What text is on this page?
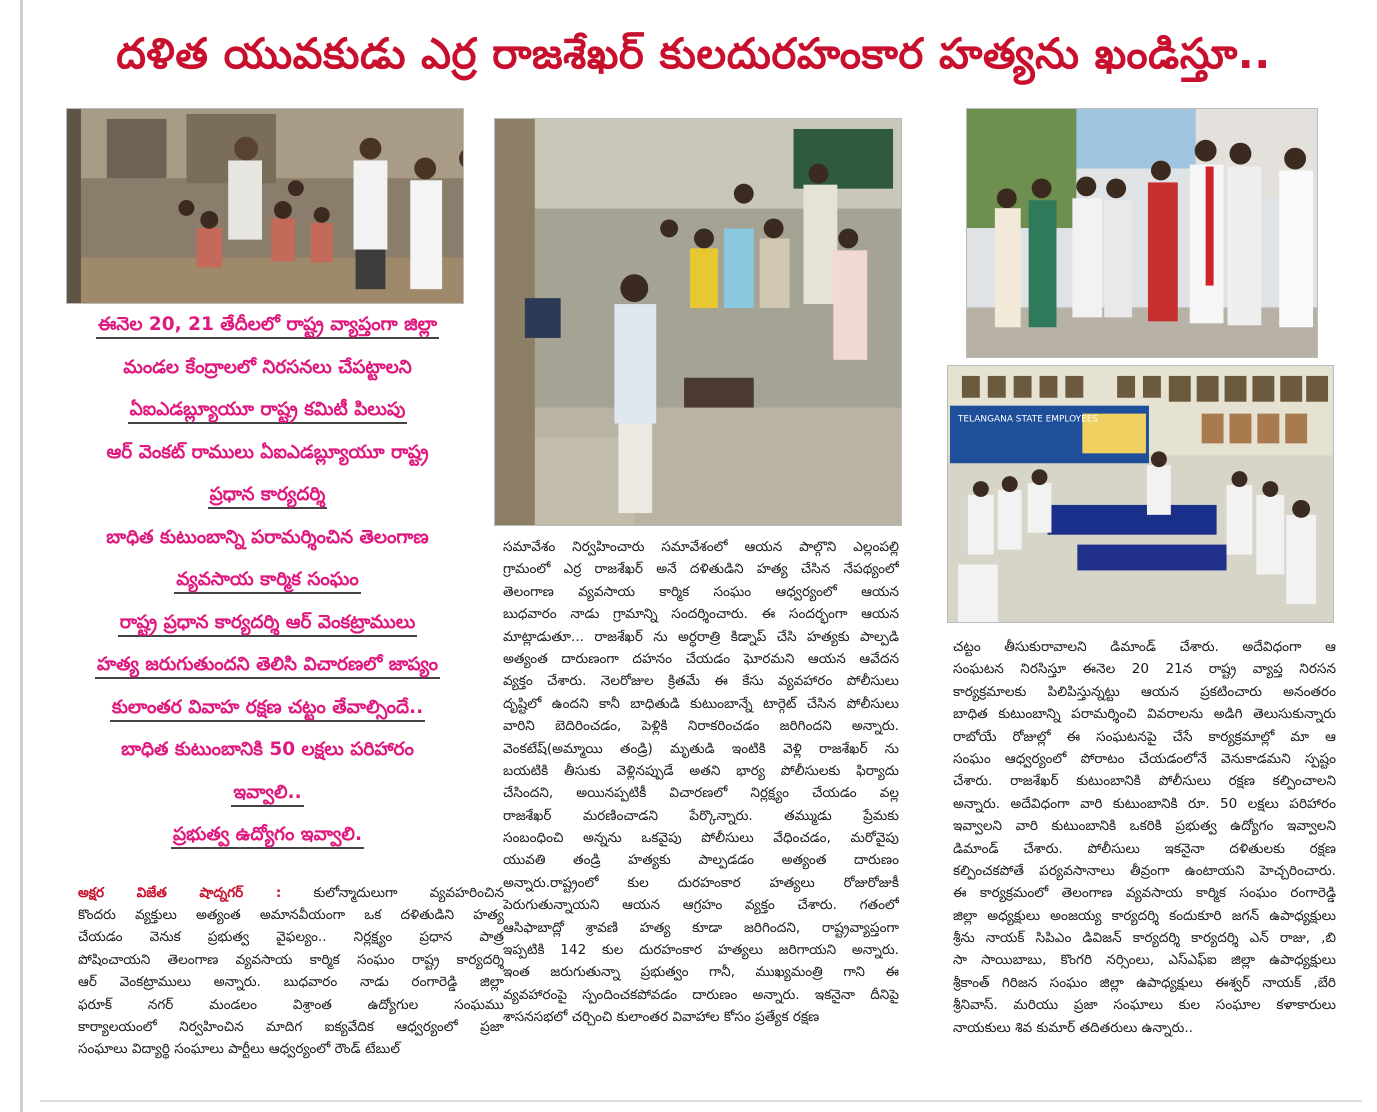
దళిత యువకుడు ఎర్ర రాజశేఖర్ కులదురహంకార హత్యను ఖండిస్తూ..
TELANGANA STATE EMPLOYEES
ఈనెల 20, 21 తేదీలలో రాష్ట్ర వ్యాప్తంగా జిల్లా
మండల కేంద్రాలలో నిరసనలు చేపట్టాలని
ఏఐఎడబ్ల్యూయూ రాష్ట్ర కమిటీ పిలుపు
ఆర్ వెంకట్ రాములు ఏఐఎడబ్ల్యూయూ రాష్ట్ర
ప్రధాన కార్యదర్శి
బాధిత కుటుంబాన్ని పరామర్శించిన తెలంగాణ
వ్యవసాయ కార్మిక సంఘం
రాష్ట్ర ప్రధాన కార్యదర్శి ఆర్ వెంకట్రాములు
హత్య జరుగుతుందని తెలిసి విచారణలో జాప్యం
కులాంతర వివాహ రక్షణ చట్టం తేవాల్సిందే..
బాధిత కుటుంబానికి 50 లక్షలు పరిహారం
ఇవ్వాలి..
ప్రభుత్వ ఉద్యోగం ఇవ్వాలి.
అక్షర విజేత షాద్నగర్ : కులోన్మాదులుగా వ్యవహరించిన
కొందరు వ్యక్తులు అత్యంత అమానవీయంగా ఒక దళితుడిని హత్య
చేయడం వెనుక ప్రభుత్వ వైఫల్యం.. నిర్లక్ష్యం ప్రధాన పాత్ర
పోషించాయని తెలంగాణ వ్యవసాయ కార్మిక సంఘం రాష్ట్ర కార్యదర్శి
ఆర్ వెంకట్రాములు అన్నారు. బుధవారం నాడు రంగారెడ్డి జిల్లా
ఫరూక్ నగర్ మండలం విశ్రాంత ఉద్యోగుల సంఘము
కార్యాలయంలో నిర్వహించిన మాదిగ ఐక్యవేదిక ఆధ్వర్యంలో ప్రజా
సంఘాలు విద్యార్థి సంఘాలు పార్టీలు ఆధ్వర్యంలో రౌండ్ టేబుల్
సమావేశం నిర్వహించారు సమావేశంలో ఆయన పాల్గొని ఎల్లంపల్లి
గ్రామంలో ఎర్ర రాజశేఖర్ అనే దళితుడిని హత్య చేసిన నేపథ్యంలో
తెలంగాణ వ్యవసాయ కార్మిక సంఘం ఆధ్వర్యంలో ఆయన
బుధవారం నాడు గ్రామాన్ని సందర్శించారు. ఈ సందర్భంగా ఆయన
మాట్లాడుతూ... రాజశేఖర్ ను అర్ధరాత్రి కిడ్నాప్ చేసి హత్యకు పాల్పడి
అత్యంత దారుణంగా దహనం చేయడం ఘోరమని ఆయన ఆవేదన
వ్యక్తం చేశారు. నెలరోజుల క్రితమే ఈ కేసు వ్యవహారం పోలీసులు
దృష్టిలో ఉందని కానీ బాధితుడి కుటుంబాన్నే టార్గెట్ చేసిన పోలీసులు
వారిని బెదిరించడం, పెళ్లికి నిరాకరించడం జరిగిందని అన్నారు.
వెంకటేష్(అమ్మాయి తండ్రి) మృతుడి ఇంటికి వెళ్లి రాజశేఖర్ ను
బయటికి తీసుకు వెళ్లినప్పుడే అతని భార్య పోలీసులకు ఫిర్యాదు
చేసిందని, అయినప్పటికీ విచారణలో నిర్లక్ష్యం చేయడం వల్ల
రాజశేఖర్ మరణించాడని పేర్కొన్నారు. తమ్ముడు ప్రేమకు
సంబంధించి అన్నను ఒకవైపు పోలీసులు వేధించడం, మరోవైపు
యువతి తండ్రి హత్యకు పాల్పడడం అత్యంత దారుణం
అన్నారు.రాష్ట్రంలో కుల దురహంకార హత్యలు రోజురోజుకీ
పెరుగుతున్నాయని ఆయన ఆగ్రహం వ్యక్తం చేశారు. గతంలో
ఆసిఫాబాద్లో శ్రావణి హత్య కూడా జరిగిందని, రాష్ట్రవ్యాప్తంగా
ఇప్పటికి 142 కుల దురహంకార హత్యలు జరిగాయని అన్నారు.
ఇంత జరుగుతున్నా ప్రభుత్వం గానీ, ముఖ్యమంత్రి గాని ఈ
వ్యవహారంపై స్పందించకపోవడం దారుణం అన్నారు. ఇకనైనా దీనిపై
శాసనసభలో చర్చించి కులాంతర వివాహాల కోసం ప్రత్యేక రక్షణ
చట్టం తీసుకురావాలని డిమాండ్ చేశారు. అదేవిధంగా ఆ
సంఘటన నిరసిస్తూ ఈనెల 20 21న రాష్ట్ర వ్యాప్త నిరసన
కార్యక్రమాలకు పిలిపిస్తున్నట్టు ఆయన ప్రకటించారు అనంతరం
బాధిత కుటుంబాన్ని పరామర్శించి వివరాలను అడిగి తెలుసుకున్నారు
రాబోయే రోజుల్లో ఈ సంఘటనపై చేసే కార్యక్రమాల్లో మా ఆ
సంఘం ఆధ్వర్యంలో పోరాటం చేయడంలోనే వెనుకాడమని స్పష్టం
చేశారు. రాజశేఖర్ కుటుంబానికి పోలీసులు రక్షణ కల్పించాలని
అన్నారు. అదేవిధంగా వారి కుటుంబానికి రూ. 50 లక్షలు పరిహారం
ఇవ్వాలని వారి కుటుంబానికి ఒకరికి ప్రభుత్వ ఉద్యోగం ఇవ్వాలని
డిమాండ్ చేశారు. పోలీసులు ఇకనైనా దళితులకు రక్షణ
కల్పించకపోతే పర్యవసానాలు తీవ్రంగా ఉంటాయని హెచ్చరించారు.
ఈ కార్యక్రమంలో తెలంగాణ వ్యవసాయ కార్మిక సంఘం రంగారెడ్డి
జిల్లా అధ్యక్షులు అంజయ్య కార్యదర్శి కందుకూరి జగన్ ఉపాధ్యక్షులు
శ్రీను నాయక్ సిపిఎం డివిజన్ కార్యదర్శి కార్యదర్శి ఎన్ రాజు, ,బి
సా సాయిబాబు, కొంగరి నర్సింలు, ఎస్ఎఫ్ఐ జిల్లా ఉపాధ్యక్షులు
శ్రీకాంత్ గిరిజన సంఘం జిల్లా ఉపాధ్యక్షులు ఈశ్వర్ నాయక్ ,బేరి
శ్రీనివాస్. మరియు ప్రజా సంఘాలు కుల సంఘాల కళాకారులు
నాయకులు శివ కుమార్ తదితరులు ఉన్నారు..
